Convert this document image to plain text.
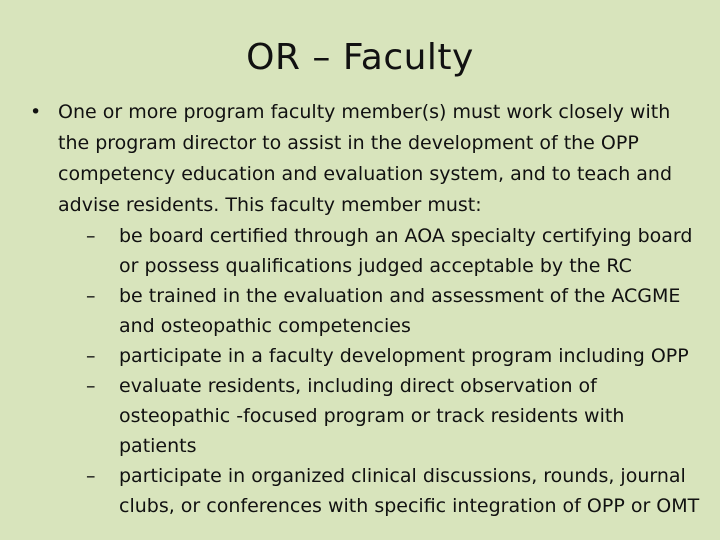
OR – Faculty
• One or more program faculty member(s) must work closely with the program director to assist in the development of the OPP competency education and evaluation system, and to teach and advise residents. This faculty member must:
–	be board certified through an AOA specialty certifying board or possess qualifications judged acceptable by the RC
–	be trained in the evaluation and assessment of the ACGME and osteopathic competencies
–	participate in a faculty development program including OPP
–	evaluate residents, including direct observation of osteopathic -focused program or track residents with patients
–	participate in organized clinical discussions, rounds, journal clubs, or conferences with specific integration of OPP or OMT
